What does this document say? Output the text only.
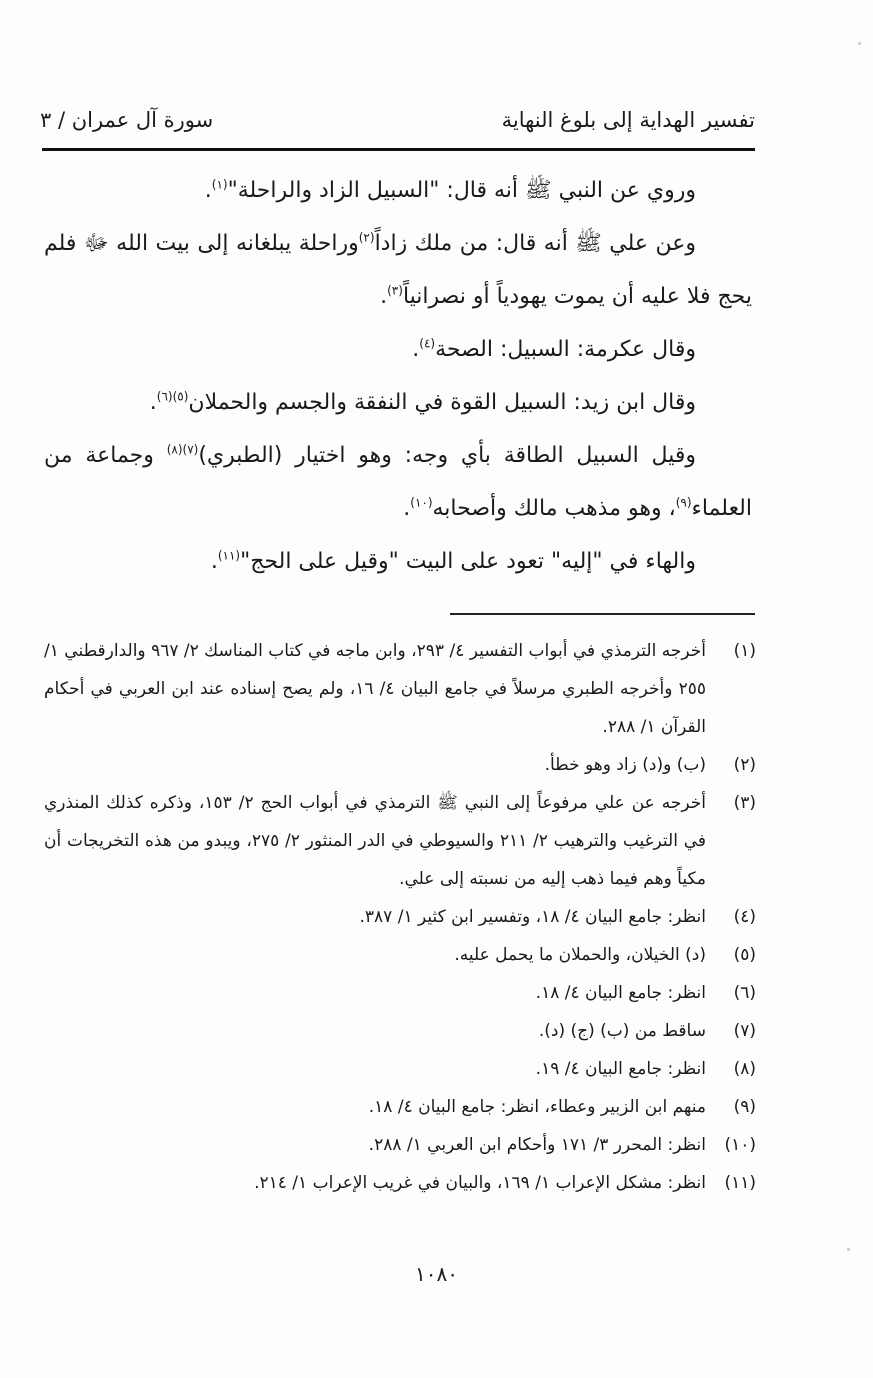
تفسير الهداية إلى بلوغ النهاية
سورة آل عمران / ٣

وروي عن النبي ﷺ أنه قال: "السبيل الزاد والراحلة"$^{(١)}$.

وعن علي ﷺ أنه قال: من ملك زاداً$^{(٢)}$وراحلة يبلغانه إلى بيت الله ﷻ فلم يحج فلا عليه أن يموت يهودياً أو نصرانياً$^{(٣)}$.

وقال عكرمة: السبيل: الصحة$^{(٤)}$.

وقال ابن زيد: السبيل القوة في النفقة والجسم والحملان$^{(٥)(٦)}$.

وقيل السبيل الطاقة بأي وجه: وهو اختيار (الطبري)$^{(٧)(٨)}$ وجماعة من العلماء$^{(٩)}$، وهو مذهب مالك وأصحابه$^{(١٠)}$.

والهاء في "إليه" تعود على البيت "وقيل على الحج"$^{(١١)}$.

(١)
أخرجه الترمذي في أبواب التفسير ٤/ ٢٩٣، وابن ماجه في كتاب المناسك ٢/ ٩٦٧ والدارقطني ١/ ٢٥٥ وأخرجه الطبري مرسلاً في جامع البيان ٤/ ١٦، ولم يصح إسناده عند ابن العربي في أحكام القرآن ١/ ٢٨٨.
(٢)
(ب) و(د) زاد وهو خطأ.
(٣)
أخرجه عن علي مرفوعاً إلى النبي ﷺ الترمذي في أبواب الحج ٢/ ١٥٣، وذكره كذلك المنذري في الترغيب والترهيب ٢/ ٢١١ والسيوطي في الدر المنثور ٢/ ٢٧٥، ويبدو من هذه التخريجات أن مكياً وهم فيما ذهب إليه من نسبته إلى علي.
(٤)
انظر: جامع البيان ٤/ ١٨، وتفسير ابن كثير ١/ ٣٨٧.
(٥)
(د) الخيلان، والحملان ما يحمل عليه.
(٦)
انظر: جامع البيان ٤/ ١٨.
(٧)
ساقط من (ب) (ج) (د).
(٨)
انظر: جامع البيان ٤/ ١٩.
(٩)
منهم ابن الزبير وعطاء، انظر: جامع البيان ٤/ ١٨.
(١٠)
انظر: المحرر ٣/ ١٧١ وأحكام ابن العربي ١/ ٢٨٨.
(١١)
انظر: مشكل الإعراب ١/ ١٦٩، والبيان في غريب الإعراب ١/ ٢١٤.
١٠٨٠
